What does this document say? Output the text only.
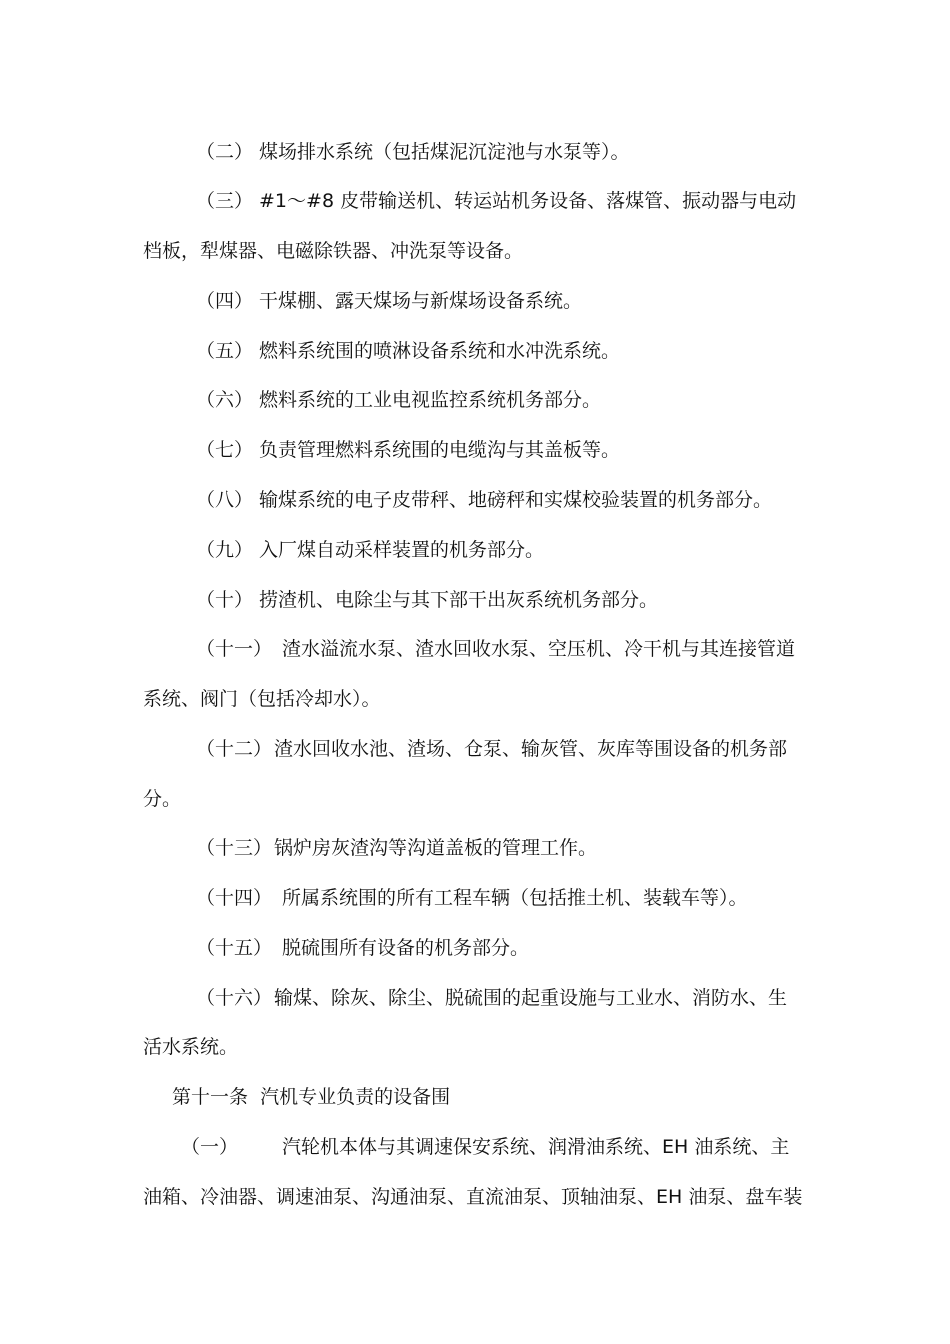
（二） 煤场排水系统（包括煤泥沉淀池与水泵等）。
（三） #1～#8 皮带输送机、转运站机务设备、落煤管、振动器与电动
档板，犁煤器、电磁除铁器、冲洗泵等设备。
（四） 干煤棚、露天煤场与新煤场设备系统。
（五） 燃料系统围的喷淋设备系统和水冲洗系统。
（六） 燃料系统的工业电视监控系统机务部分。
（七） 负责管理燃料系统围的电缆沟与其盖板等。
（八） 输煤系统的电子皮带秤、地磅秤和实煤校验装置的机务部分。
（九） 入厂煤自动采样装置的机务部分。
（十） 捞渣机、电除尘与其下部干出灰系统机务部分。
（十一） 渣水溢流水泵、渣水回收水泵、空压机、冷干机与其连接管道
系统、阀门（包括冷却水）。
（十二） 渣水回收水池、渣场、仓泵、输灰管、灰库等围设备的机务部
分。
（十三） 锅炉房灰渣沟等沟道盖板的管理工作。
（十四） 所属系统围的所有工程车辆（包括推土机、装载车等）。
（十五） 脱硫围所有设备的机务部分。
（十六） 输煤、除灰、除尘、脱硫围的起重设施与工业水、消防水、生
活水系统。
第十一条  汽机专业负责的设备围
（一） 汽轮机本体与其调速保安系统、润滑油系统、EH 油系统、主
油箱、冷油器、调速油泵、沟通油泵、直流油泵、顶轴油泵、EH 油泵、盘车装
